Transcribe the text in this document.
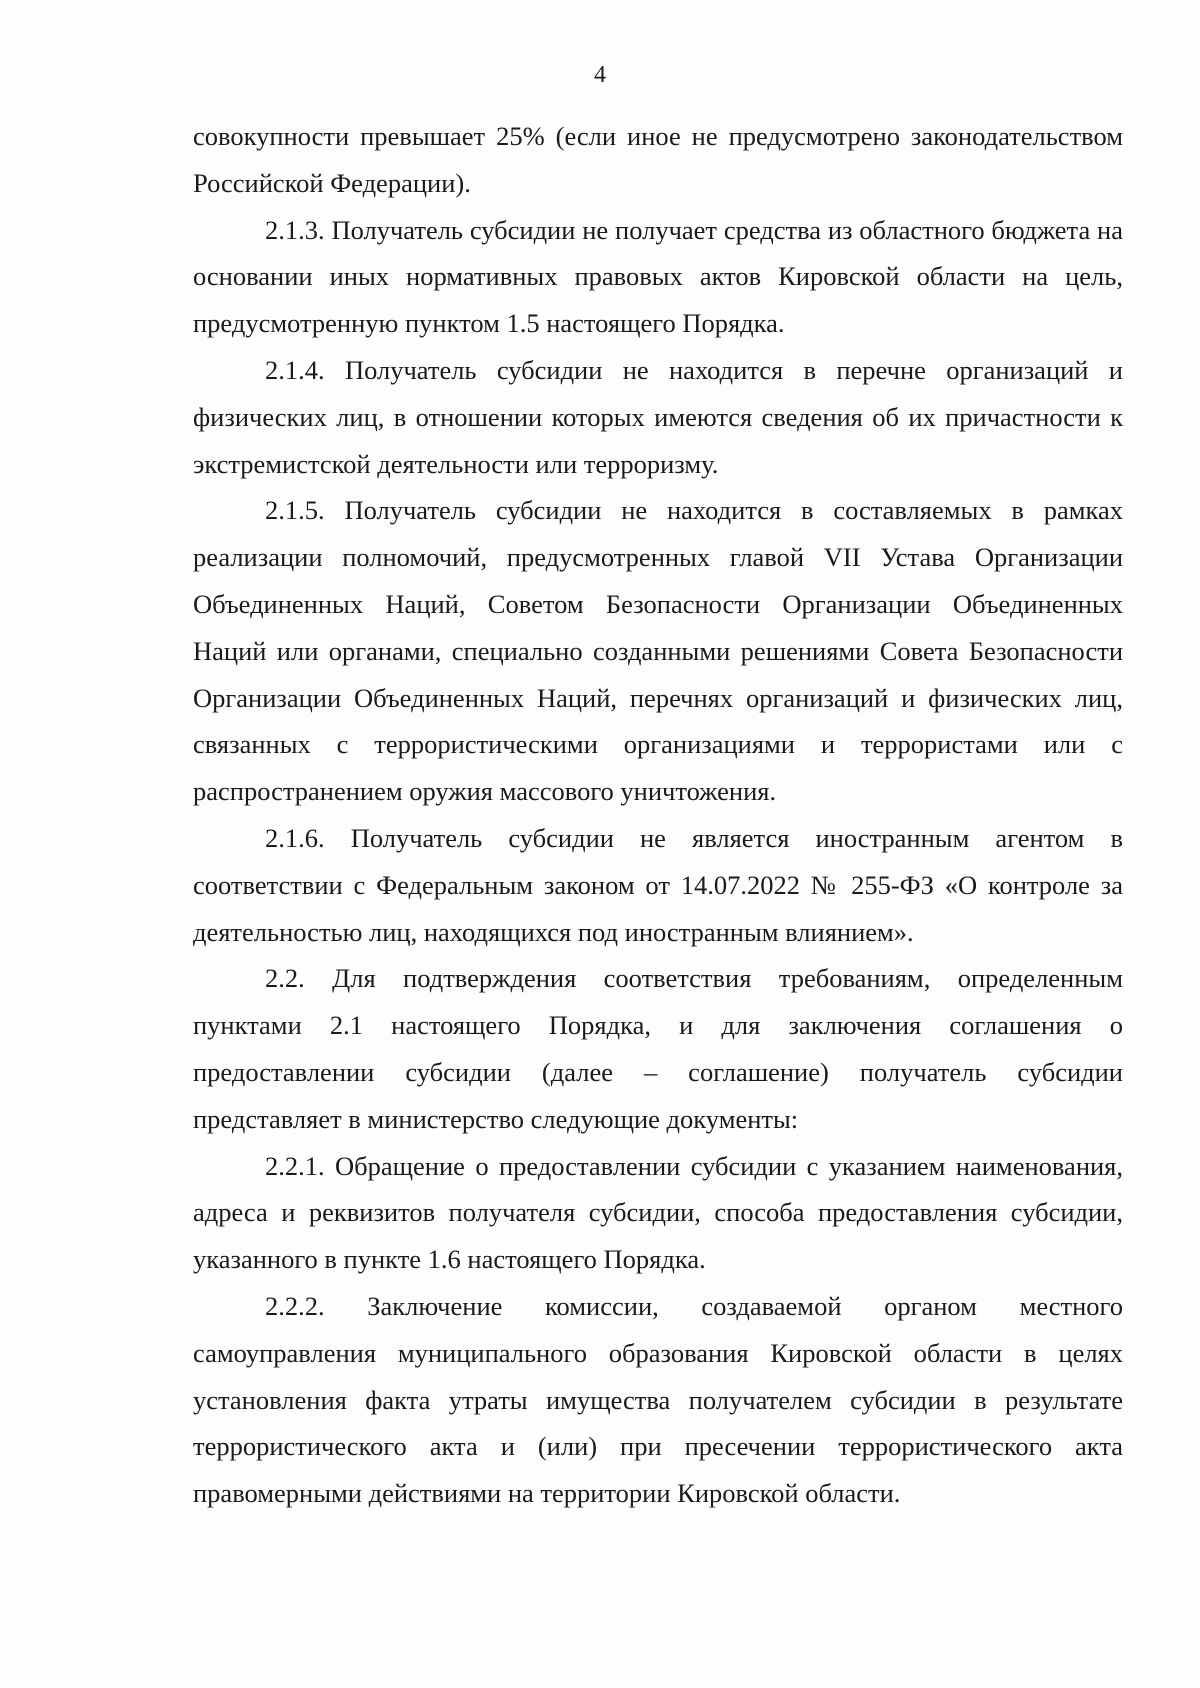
4

совокупности превышает 25% (если иное не предусмотрено законодательством Российской Федерации).

2.1.3. Получатель субсидии не получает средства из областного бюджета на основании иных нормативных правовых актов Кировской области на цель, предусмотренную пунктом 1.5 настоящего Порядка.

2.1.4. Получатель субсидии не находится в перечне организаций и физических лиц, в отношении которых имеются сведения об их причастности к экстремистской деятельности или терроризму.

2.1.5. Получатель субсидии не находится в составляемых в рамках реализации полномочий, предусмотренных главой VII Устава Организации Объединенных Наций, Советом Безопасности Организации Объединенных Наций или органами, специально созданными решениями Совета Безопасности Организации Объединенных Наций, перечнях организаций и физических лиц, связанных с террористическими организациями и террористами или с распространением оружия массового уничтожения.

2.1.6. Получатель субсидии не является иностранным агентом в соответствии с Федеральным законом от 14.07.2022 № 255-ФЗ «О контроле за деятельностью лиц, находящихся под иностранным влиянием».

2.2. Для подтверждения соответствия требованиям, определенным пунктами 2.1 настоящего Порядка, и для заключения соглашения о предоставлении субсидии (далее – соглашение) получатель субсидии представляет в министерство следующие документы:

2.2.1. Обращение о предоставлении субсидии с указанием наименования, адреса и реквизитов получателя субсидии, способа предоставления субсидии, указанного в пункте 1.6 настоящего Порядка.

2.2.2. Заключение комиссии, создаваемой органом местного самоуправления муниципального образования Кировской области в целях установления факта утраты имущества получателем субсидии в результате террористического акта и (или) при пресечении террористического акта правомерными действиями на территории Кировской области.
